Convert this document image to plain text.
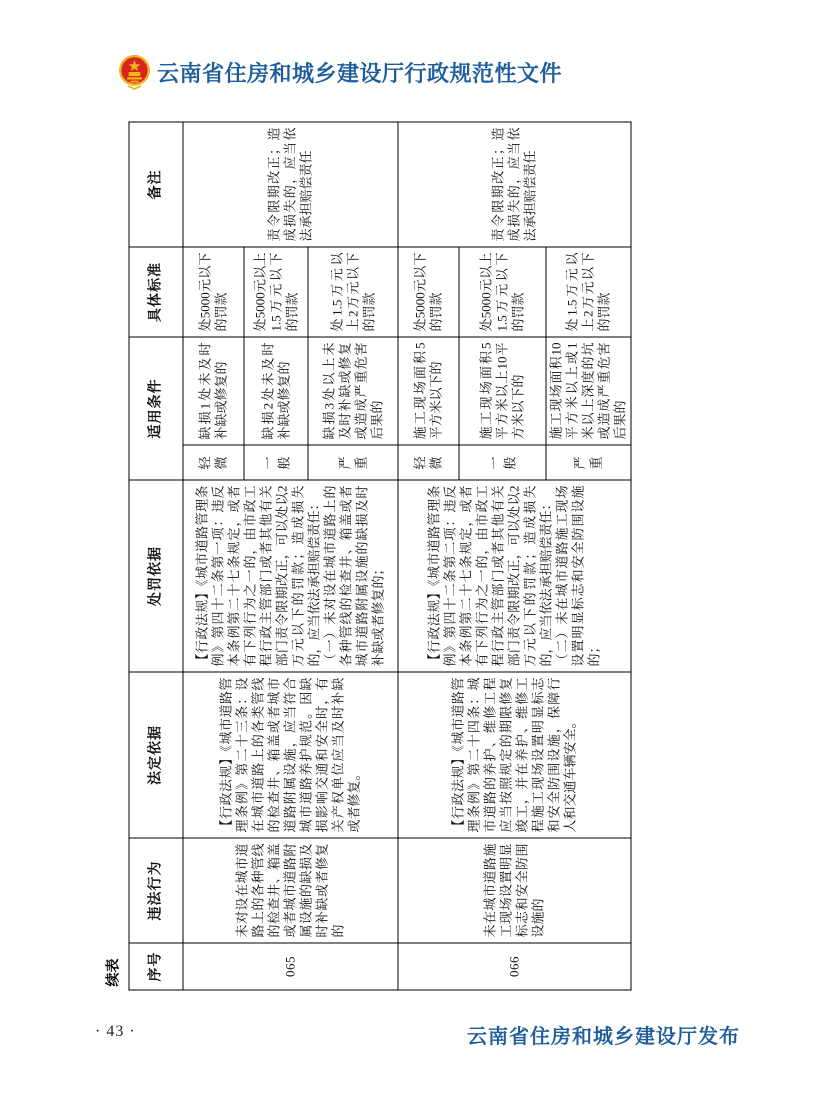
云南省住房和城乡建设厅行政规范性文件
续表 序号	违法行为	法定依据	处罚依据	适用条件		具体标准	备注
065	未对设在城市道路上的各种管线的检查井、箱盖或者城市道路附属设施的缺损及时补缺或者修复的	【行政法规】《城市道路管理条例》第二十三条：设在城市道路上的各类管线的检查井、箱盖或者城市道路附属设施，应当符合城市道路养护规范。因缺损影响交通和安全时，有关产权单位应当及时补缺或者修复。	【行政法规】《城市道路管理条例》第四十二条第一项：违反本条例第二十七条规定，或者有下列行为之一的，由市政工程行政主管部门或者其他有关部门责令限期改正，可以处以2万元以下的罚款；造成损失的，应当依法承担赔偿责任： （一）未对设在城市道路上的各种管线的检查井、箱盖或者城市道路附属设施的缺损及时补缺或者修复的；	轻微	缺损1处未及时补缺或修复的	处5000元以下的罚款	责令限期改正；造成损失的，应当依法承担赔偿责任
				一般	缺损2处未及时补缺或修复的	处5000元以上1.5万元以下的罚款	
				严重	缺损3处以上未及时补缺或修复或造成严重危害后果的	处1.5万元以上2万元以下的罚款	
066	未在城市道路施工现场设置明显标志和安全防围设施的	【行政法规】《城市道路管理条例》第二十四条：城市道路的养护、维修工程应当按照规定的期限修复竣工，并在养护、维修工程施工现场设置明显标志和安全防围设施，保障行人和交通车辆安全。	【行政法规】《城市道路管理条例》第四十二条第二项：违反本条例第二十七条规定，或者有下列行为之一的，由市政工程行政主管部门或者其他有关部门责令限期改正，可以处以2万元以下的罚款；造成损失的，应当依法承担赔偿责任： （二）未在城市道路施工现场设置明显标志和安全防围设施的；	轻微	施工现场面积5平方米以下的	处5000元以下的罚款	责令限期改正；造成损失的，应当依法承担赔偿责任
				一般	施工现场面积5平方米以上10平方米以下的	处5000元以上1.5万元以下的罚款	
				严重	施工现场面积10平方米以上或1米以上深度的坑或造成严重危害后果的	处1.5万元以上2万元以下的罚款	
· 43 ·	云南省住房和城乡建设厅发布
